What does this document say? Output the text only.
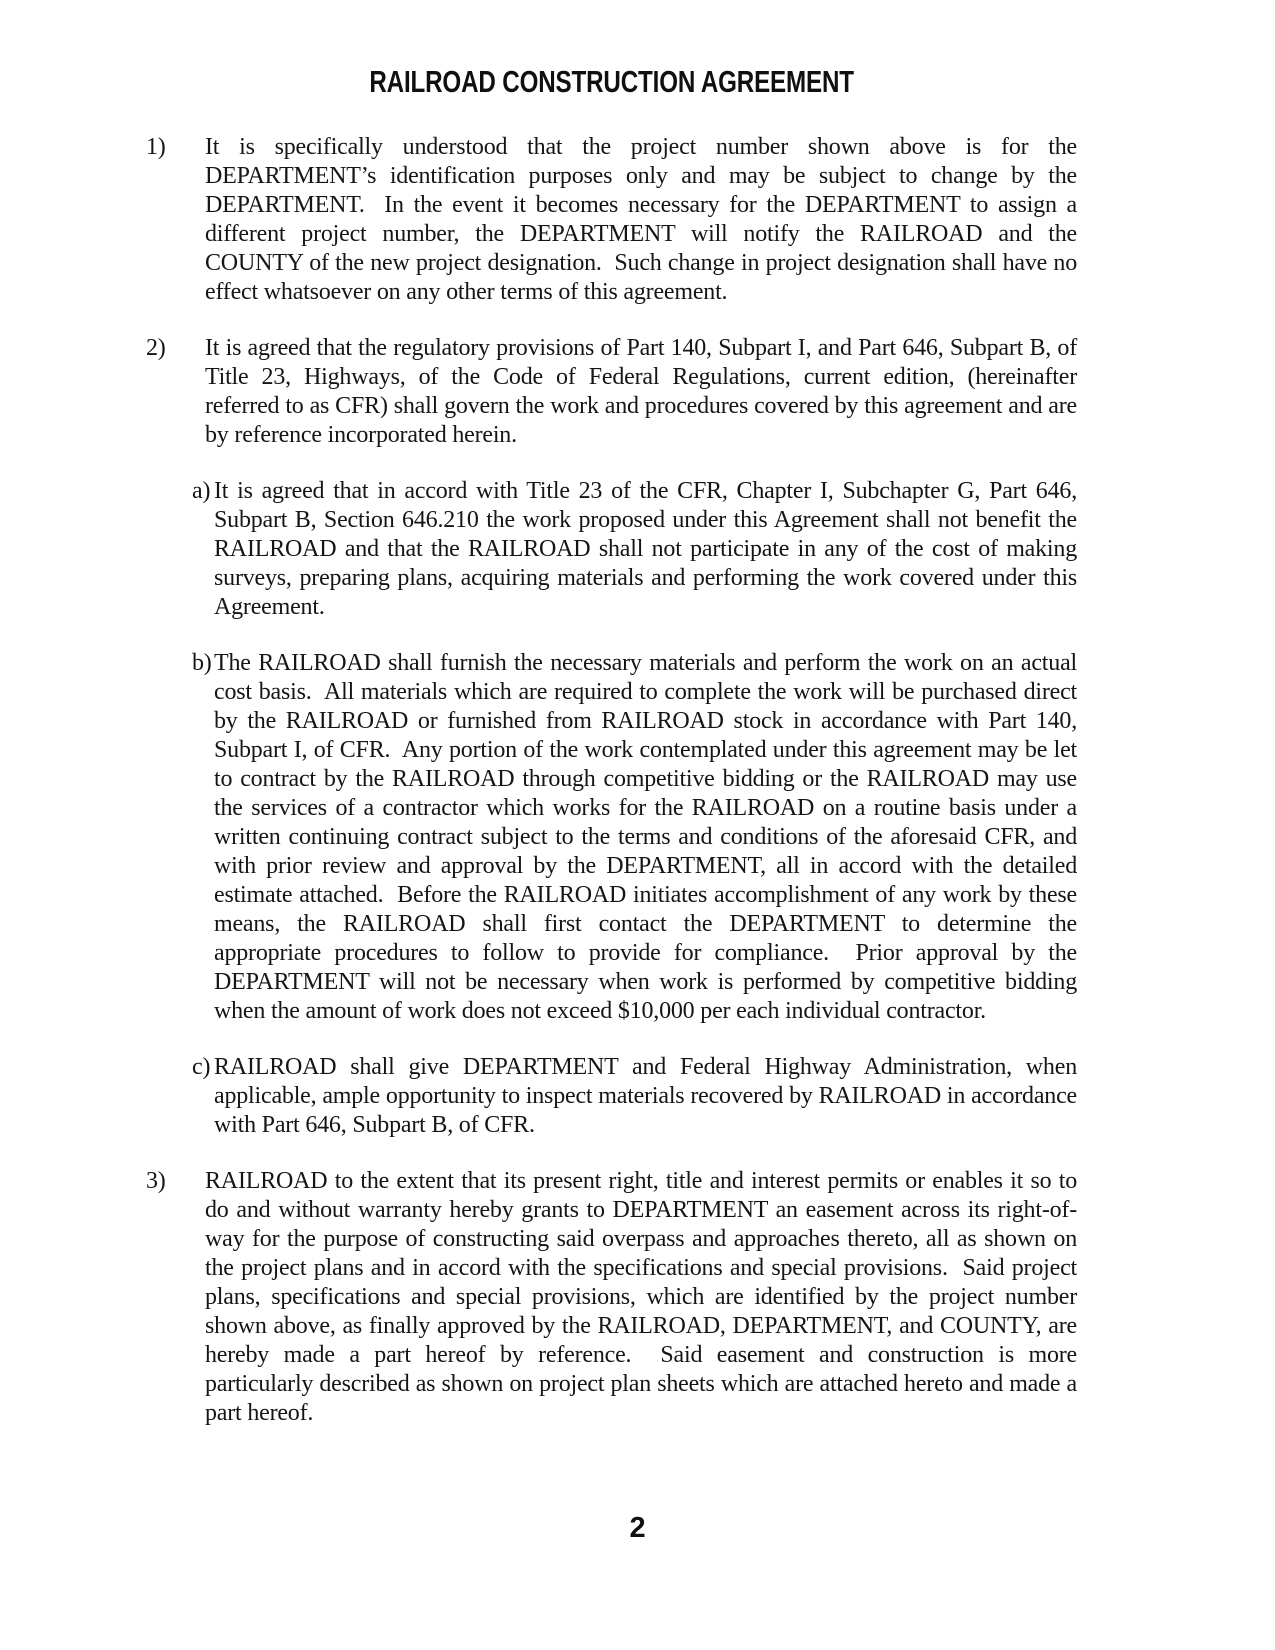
RAILROAD CONSTRUCTION AGREEMENT
1)	It is specifically understood that the project number shown above is for the DEPARTMENT’s identification purposes only and may be subject to change by the DEPARTMENT.  In the event it becomes necessary for the DEPARTMENT to assign a different project number, the DEPARTMENT will notify the RAILROAD and the COUNTY of the new project designation.  Such change in project designation shall have no effect whatsoever on any other terms of this agreement.

2)	It is agreed that the regulatory provisions of Part 140, Subpart I, and Part 646, Subpart B, of Title 23, Highways, of the Code of Federal Regulations, current edition, (hereinafter referred to as CFR) shall govern the work and procedures covered by this agreement and are by reference incorporated herein.

a) It is agreed that in accord with Title 23 of the CFR, Chapter I, Subchapter G, Part 646, Subpart B, Section 646.210 the work proposed under this Agreement shall not benefit the RAILROAD and that the RAILROAD shall not participate in any of the cost of making surveys, preparing plans, acquiring materials and performing the work covered under this Agreement.

b) The RAILROAD shall furnish the necessary materials and perform the work on an actual cost basis.  All materials which are required to complete the work will be purchased direct by the RAILROAD or furnished from RAILROAD stock in accordance with Part 140, Subpart I, of CFR.  Any portion of the work contemplated under this agreement may be let to contract by the RAILROAD through competitive bidding or the RAILROAD may use the services of a contractor which works for the RAILROAD on a routine basis under a written continuing contract subject to the terms and conditions of the aforesaid CFR, and with prior review and approval by the DEPARTMENT, all in accord with the detailed estimate attached.  Before the RAILROAD initiates accomplishment of any work by these means, the RAILROAD shall first contact the DEPARTMENT to determine the appropriate procedures to follow to provide for compliance.  Prior approval by the DEPARTMENT will not be necessary when work is performed by competitive bidding when the amount of work does not exceed $10,000 per each individual contractor.

c) RAILROAD shall give DEPARTMENT and Federal Highway Administration, when applicable, ample opportunity to inspect materials recovered by RAILROAD in accordance with Part 646, Subpart B, of CFR.

3)	RAILROAD to the extent that its present right, title and interest permits or enables it so to do and without warranty hereby grants to DEPARTMENT an easement across its right-of-way for the purpose of constructing said overpass and approaches thereto, all as shown on the project plans and in accord with the specifications and special provisions.  Said project plans, specifications and special provisions, which are identified by the project number shown above, as finally approved by the RAILROAD, DEPARTMENT, and COUNTY, are hereby made a part hereof by reference.  Said easement and construction is more particularly described as shown on project plan sheets which are attached hereto and made a part hereof.

2
